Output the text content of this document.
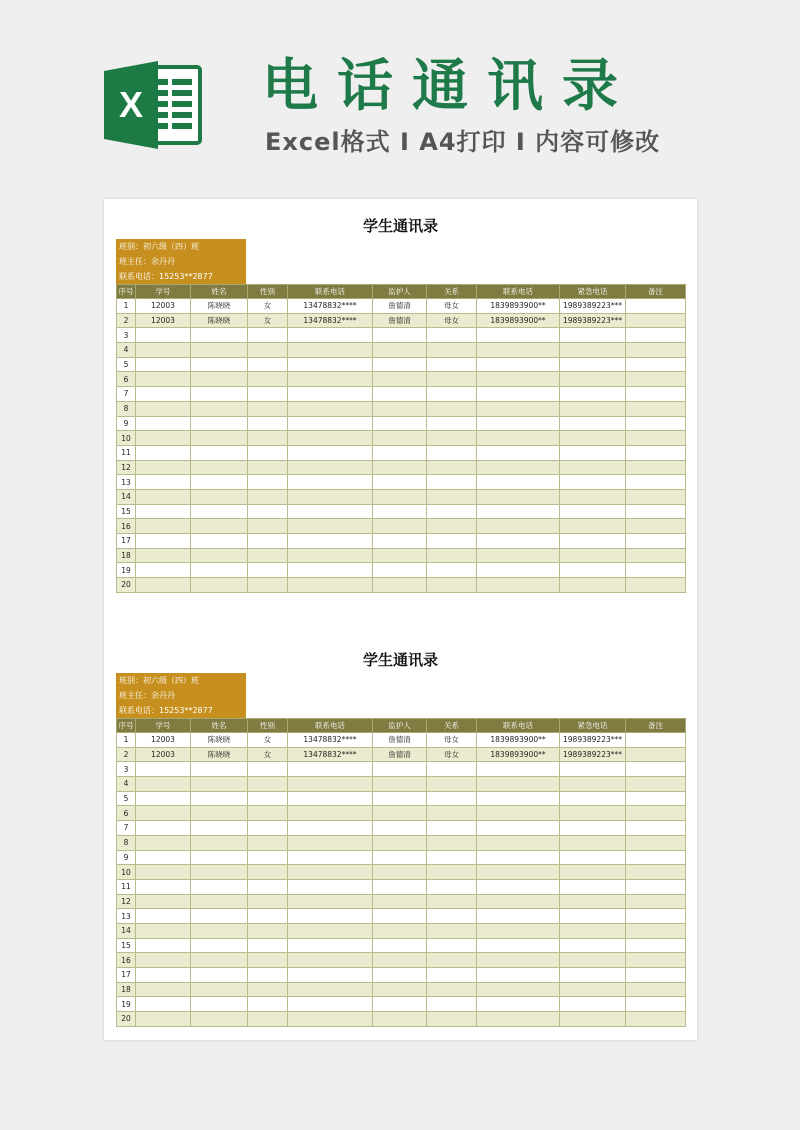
X 电话通讯录
Excel格式 I A4打印 I 内容可修改
学生通讯录
班别：初六级（四）班
班主任：余丹丹
联系电话：15253**2877
序号	学号	姓名	性别	联系电话	监护人	关系	联系电话	紧急电话	备注
1	12003	陈晓晓	女	13478832****	詹德清	母女	1839893900**	1989389223***	
2	12003	陈晓晓	女	13478832****	詹德清	母女	1839893900**	1989389223***	
3									
4									
5									
6									
7									
8									
9									
10									
11									
12									
13									
14									
15									
16									
17									
18									
19									
20									
学生通讯录
班别：初六级（四）班
班主任：余丹丹
联系电话：15253**2877
序号	学号	姓名	性别	联系电话	监护人	关系	联系电话	紧急电话	备注
1	12003	陈晓晓	女	13478832****	詹德清	母女	1839893900**	1989389223***	
2	12003	陈晓晓	女	13478832****	詹德清	母女	1839893900**	1989389223***	
3									
4									
5									
6									
7									
8									
9									
10									
11									
12									
13									
14									
15									
16									
17									
18									
19									
20									
